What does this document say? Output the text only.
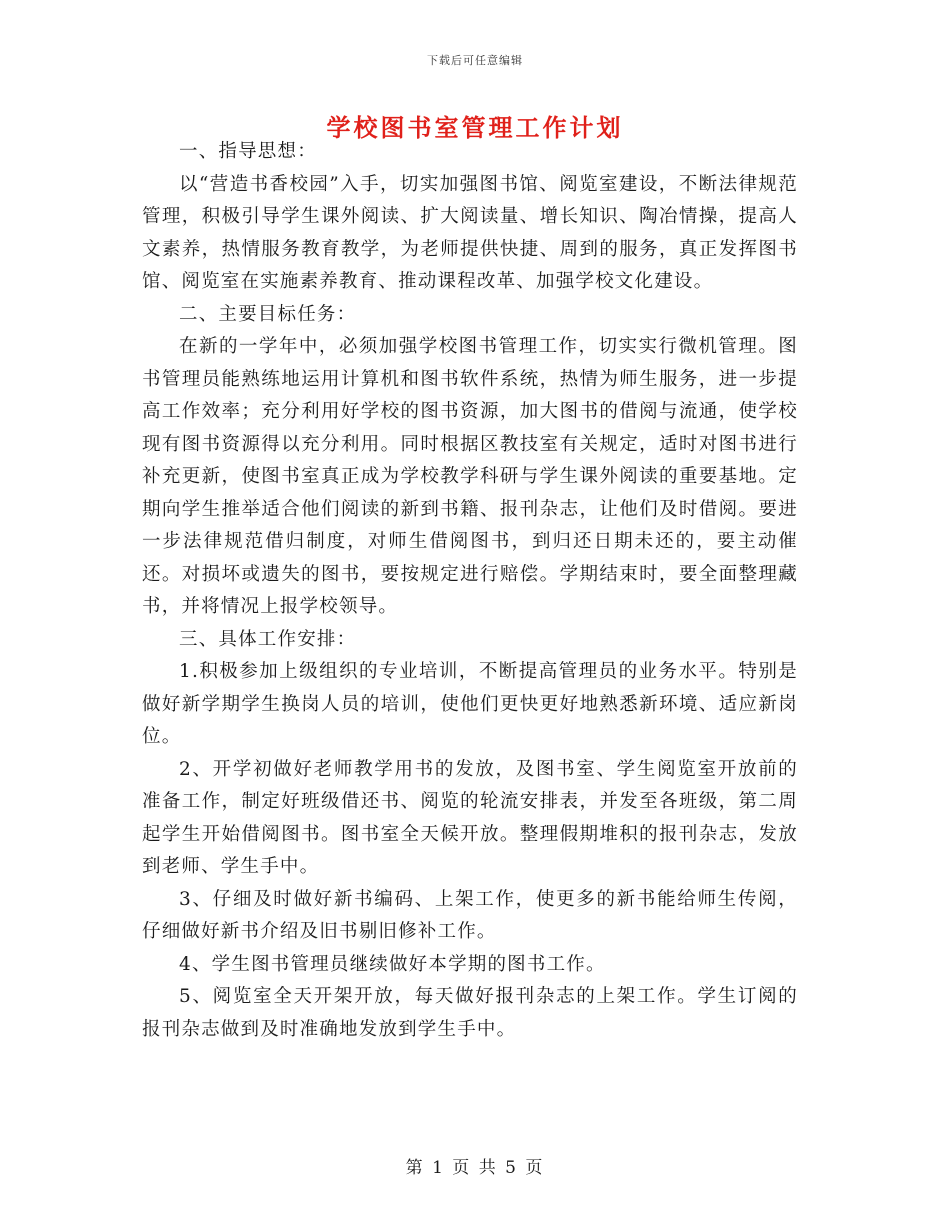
下载后可任意编辑
学校图书室管理工作计划

一、指导思想：

以“营造书香校园”入手，切实加强图书馆、阅览室建设，不断法律规范管理，积极引导学生课外阅读、扩大阅读量、增长知识、陶冶情操，提高人文素养，热情服务教育教学，为老师提供快捷、周到的服务，真正发挥图书馆、阅览室在实施素养教育、推动课程改革、加强学校文化建设。

二、主要目标任务：

在新的一学年中，必须加强学校图书管理工作，切实实行微机管理。图书管理员能熟练地运用计算机和图书软件系统，热情为师生服务，进一步提高工作效率；充分利用好学校的图书资源，加大图书的借阅与流通，使学校现有图书资源得以充分利用。同时根据区教技室有关规定，适时对图书进行补充更新，使图书室真正成为学校教学科研与学生课外阅读的重要基地。定期向学生推举适合他们阅读的新到书籍、报刊杂志，让他们及时借阅。要进一步法律规范借归制度，对师生借阅图书，到归还日期未还的，要主动催还。对损坏或遗失的图书，要按规定进行赔偿。学期结束时，要全面整理藏书，并将情况上报学校领导。

三、具体工作安排：

1.积极参加上级组织的专业培训，不断提高管理员的业务水平。特别是做好新学期学生换岗人员的培训，使他们更快更好地熟悉新环境、适应新岗位。

2、开学初做好老师教学用书的发放，及图书室、学生阅览室开放前的准备工作，制定好班级借还书、阅览的轮流安排表，并发至各班级，第二周起学生开始借阅图书。图书室全天候开放。整理假期堆积的报刊杂志，发放到老师、学生手中。

3、仔细及时做好新书编码、上架工作，使更多的新书能给师生传阅，仔细做好新书介绍及旧书剔旧修补工作。

4、学生图书管理员继续做好本学期的图书工作。

5、阅览室全天开架开放，每天做好报刊杂志的上架工作。学生订阅的报刊杂志做到及时准确地发放到学生手中。

第 1 页 共 5 页
